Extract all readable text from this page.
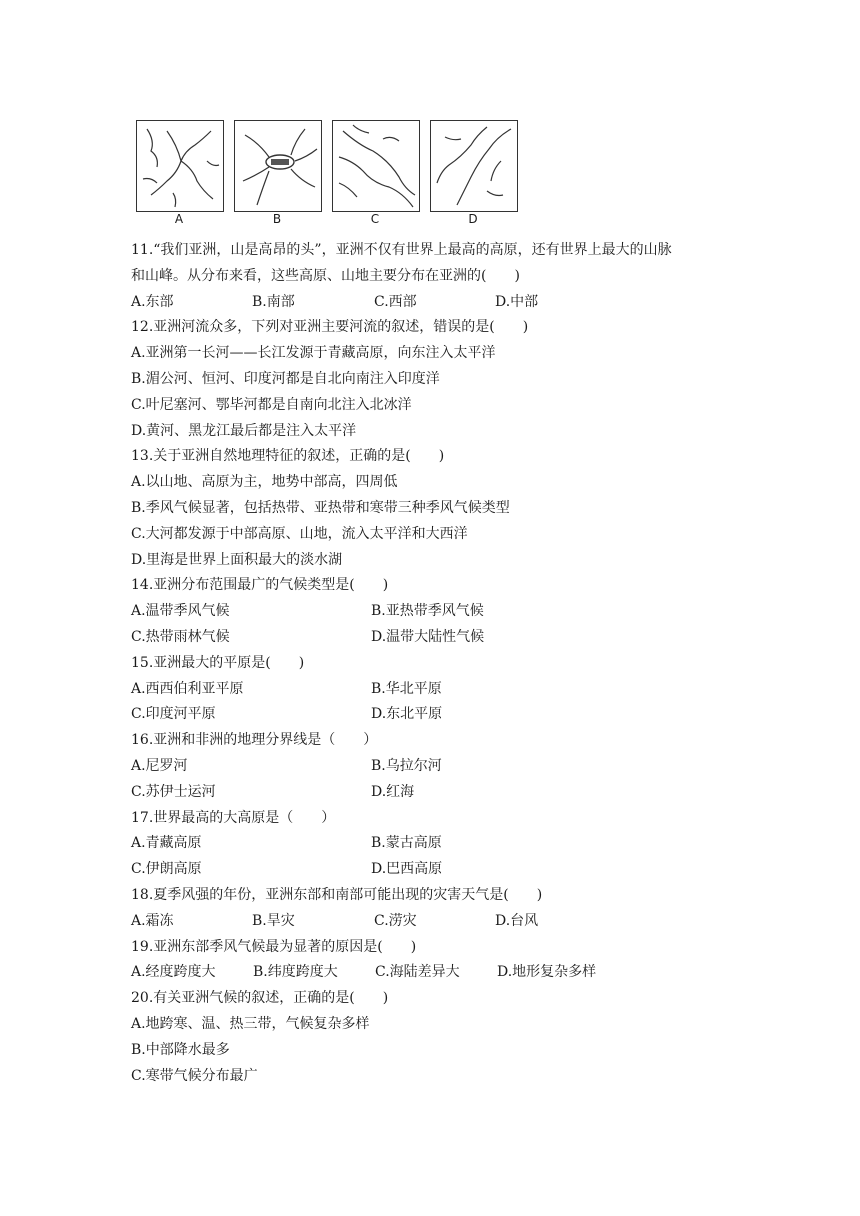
A	B	C	D
11.“我们亚洲，山是高昂的头”，亚洲不仅有世界上最高的高原，还有世界上最大的山脉
和山峰。从分布来看，这些高原、山地主要分布在亚洲的(　　)
A.东部	B.南部	C.西部	D.中部
12.亚洲河流众多，下列对亚洲主要河流的叙述，错误的是(　　)
A.亚洲第一长河——长江发源于青藏高原，向东注入太平洋
B.湄公河、恒河、印度河都是自北向南注入印度洋
C.叶尼塞河、鄂毕河都是自南向北注入北冰洋
D.黄河、黑龙江最后都是注入太平洋
13.关于亚洲自然地理特征的叙述，正确的是(　　)
A.以山地、高原为主，地势中部高，四周低
B.季风气候显著，包括热带、亚热带和寒带三种季风气候类型
C.大河都发源于中部高原、山地，流入太平洋和大西洋
D.里海是世界上面积最大的淡水湖
14.亚洲分布范围最广的气候类型是(　　)
A.温带季风气候	B.亚热带季风气候
C.热带雨林气候	D.温带大陆性气候
15.亚洲最大的平原是(　　)
A.西西伯利亚平原	B.华北平原
C.印度河平原	D.东北平原
16.亚洲和非洲的地理分界线是（　　）
A.尼罗河	B.乌拉尔河
C.苏伊士运河	D.红海
17.世界最高的大高原是（　　）
A.青藏高原	B.蒙古高原
C.伊朗高原	D.巴西高原
18.夏季风强的年份，亚洲东部和南部可能出现的灾害天气是(　　)
A.霜冻	B.旱灾	C.涝灾	D.台风
19.亚洲东部季风气候最为显著的原因是(　　)
A.经度跨度大	B.纬度跨度大	C.海陆差异大	D.地形复杂多样
20.有关亚洲气候的叙述，正确的是(　　)
A.地跨寒、温、热三带，气候复杂多样
B.中部降水最多
C.寒带气候分布最广
